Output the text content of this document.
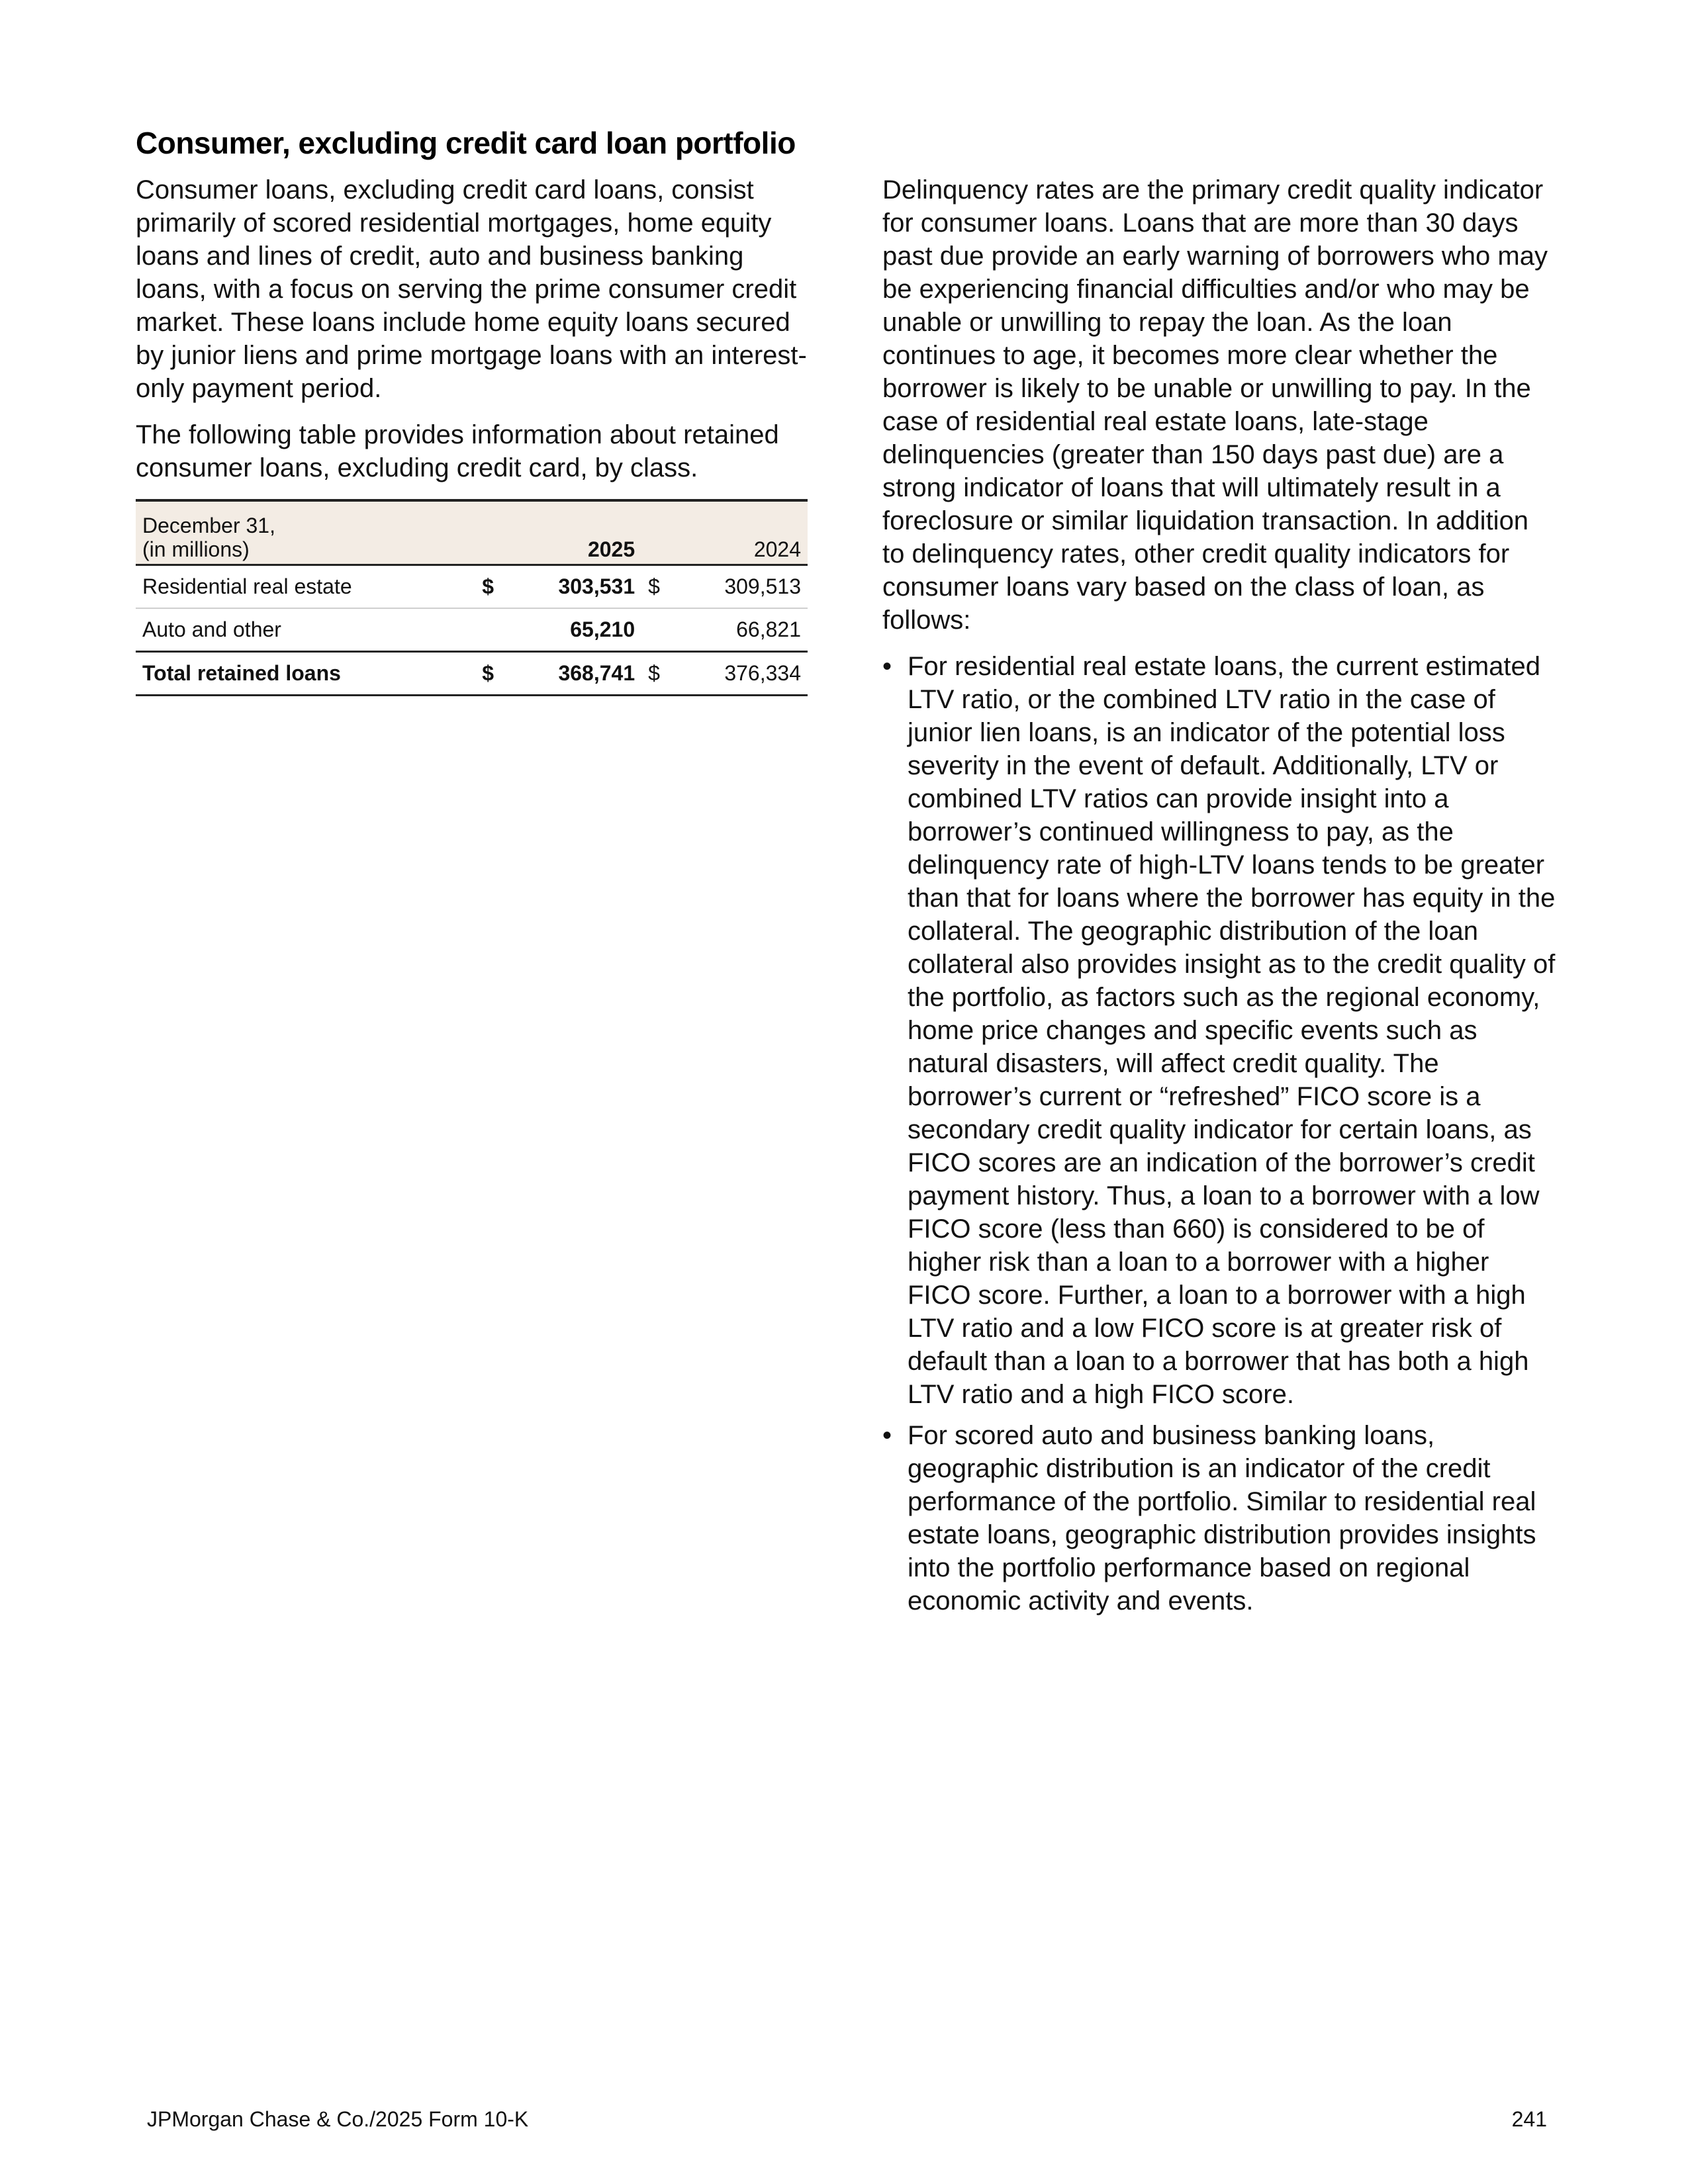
Consumer, excluding credit card loan portfolio

Consumer loans, excluding credit card loans, consist primarily of scored residential mortgages, home equity loans and lines of credit, auto and business banking loans, with a focus on serving the prime consumer credit market. These loans include home equity loans secured by junior liens and prime mortgage loans with an interest-only payment period.

The following table provides information about retained consumer loans, excluding credit card, by class.

December 31,
(in millions)	2025		2024	
Residential real estate	$	303,531	$	309,513
Auto and other		65,210		66,821
Total retained loans	$	368,741	$	376,334

Delinquency rates are the primary credit quality indicator for consumer loans. Loans that are more than 30 days past due provide an early warning of borrowers who may be experiencing financial difficulties and/or who may be unable or unwilling to repay the loan. As the loan continues to age, it becomes more clear whether the borrower is likely to be unable or unwilling to pay. In the case of residential real estate loans, late-stage delinquencies (greater than 150 days past due) are a strong indicator of loans that will ultimately result in a foreclosure or similar liquidation transaction. In addition to delinquency rates, other credit quality indicators for consumer loans vary based on the class of loan, as follows:

• For residential real estate loans, the current estimated LTV ratio, or the combined LTV ratio in the case of junior lien loans, is an indicator of the potential loss severity in the event of default. Additionally, LTV or combined LTV ratios can provide insight into a borrower’s continued willingness to pay, as the delinquency rate of high-LTV loans tends to be greater than that for loans where the borrower has equity in the collateral. The geographic distribution of the loan collateral also provides insight as to the credit quality of the portfolio, as factors such as the regional economy, home price changes and specific events such as natural disasters, will affect credit quality. The borrower’s current or “refreshed” FICO score is a secondary credit quality indicator for certain loans, as FICO scores are an indication of the borrower’s credit payment history. Thus, a loan to a borrower with a low FICO score (less than 660) is considered to be of higher risk than a loan to a borrower with a higher FICO score. Further, a loan to a borrower with a high LTV ratio and a low FICO score is at greater risk of default than a loan to a borrower that has both a high LTV ratio and a high FICO score.
• For scored auto and business banking loans, geographic distribution is an indicator of the credit performance of the portfolio. Similar to residential real estate loans, geographic distribution provides insights into the portfolio performance based on regional economic activity and events.
JPMorgan Chase & Co./2025 Form 10-K	241
